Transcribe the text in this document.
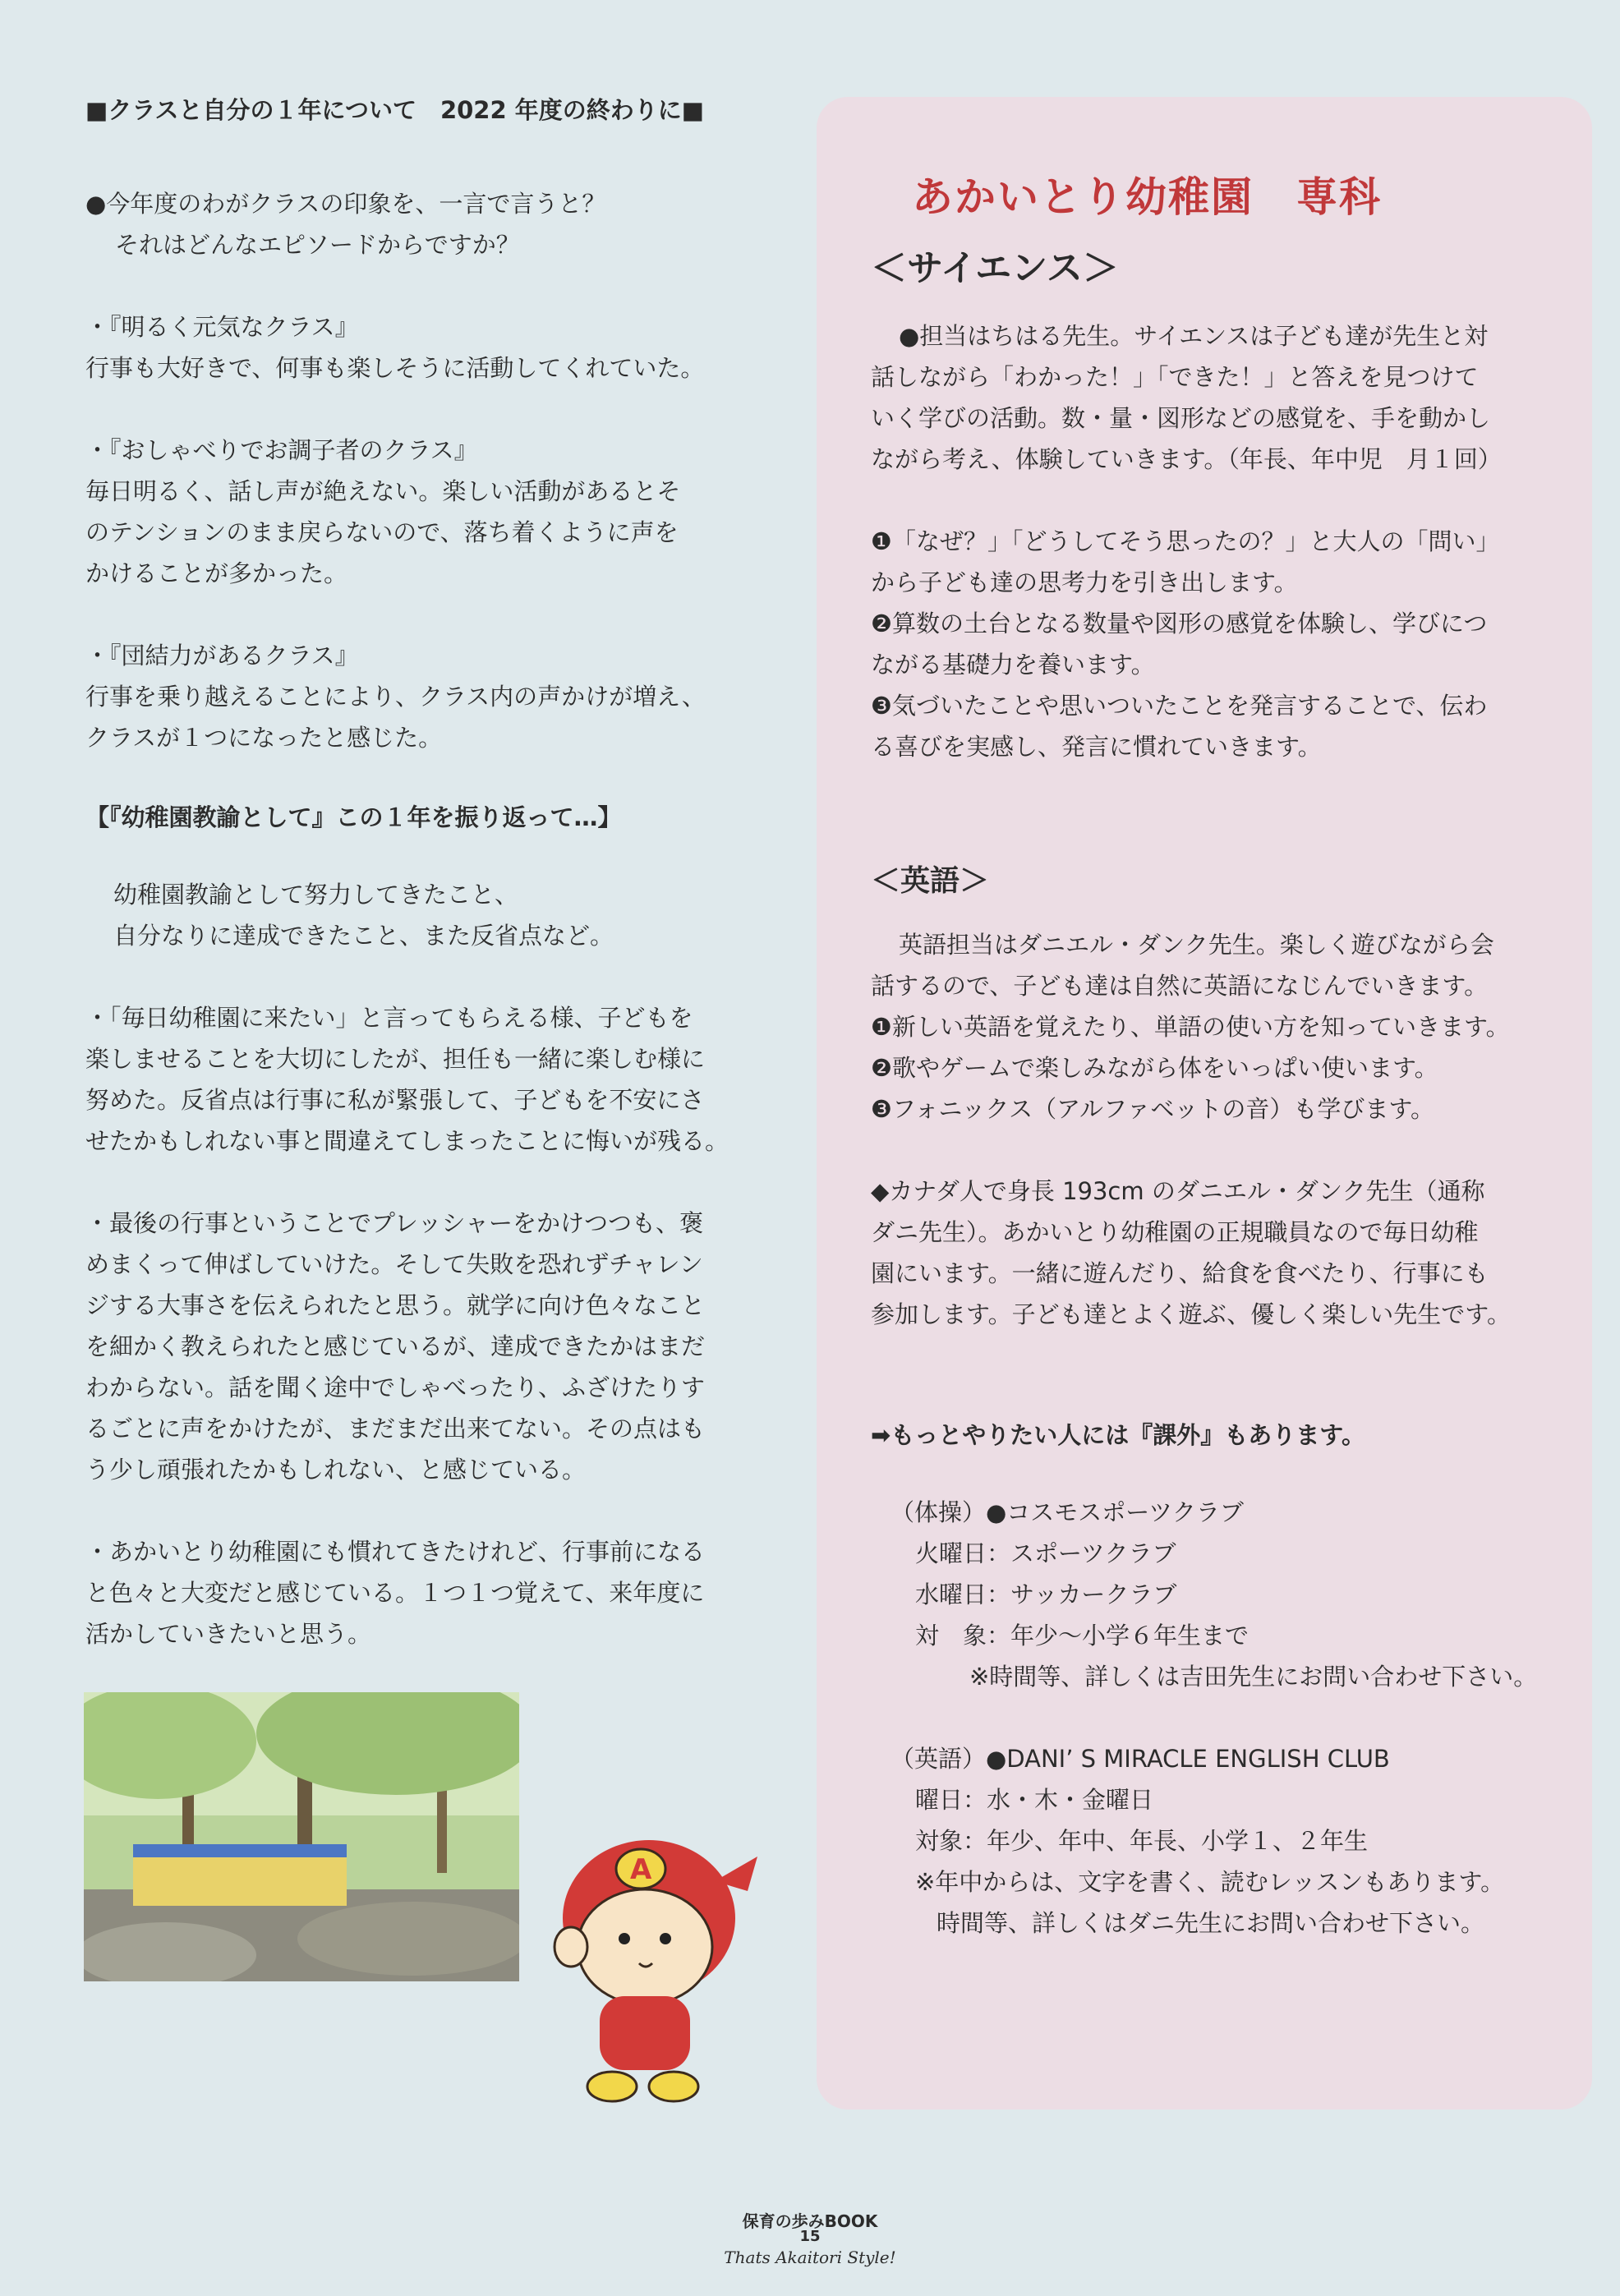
■クラスと自分の１年について　2022 年度の終わりに■
●今年度のわがクラスの印象を、一言で言うと？
それはどんなエピソードからですか？

・『明るく元気なクラス』

行事も大好きで、何事も楽しそうに活動してくれていた。

・『おしゃべりでお調子者のクラス』

毎日明るく、話し声が絶えない。楽しい活動があるとそ

のテンションのまま戻らないので、落ち着くように声を

かけることが多かった。

・『団結力があるクラス』

行事を乗り越えることにより、クラス内の声かけが増え、

クラスが１つになったと感じた。

【『幼稚園教諭として』この１年を振り返って…】

幼稚園教諭として努力してきたこと、

自分なりに達成できたこと、また反省点など。

・「毎日幼稚園に来たい」と言ってもらえる様、子どもを

楽しませることを大切にしたが、担任も一緒に楽しむ様に

努めた。反省点は行事に私が緊張して、子どもを不安にさ

せたかもしれない事と間違えてしまったことに悔いが残る。

・最後の行事ということでプレッシャーをかけつつも、褒

めまくって伸ばしていけた。そして失敗を恐れずチャレン

ジする大事さを伝えられたと思う。就学に向け色々なこと

を細かく教えられたと感じているが、達成できたかはまだ

わからない。話を聞く途中でしゃべったり、ふざけたりす

るごとに声をかけたが、まだまだ出来てない。その点はも

う少し頑張れたかもしれない、と感じている。

・あかいとり幼稚園にも慣れてきたけれど、行事前になる

と色々と大変だと感じている。１つ１つ覚えて、来年度に

活かしていきたいと思う。

A
あかいとり幼稚園　専科
＜サイエンス＞

●担当はちはる先生。サイエンスは子ども達が先生と対

話しながら「わかった！」「できた！」と答えを見つけて

いく学びの活動。数・量・図形などの感覚を、手を動かし

ながら考え、体験していきます。（年長、年中児　月１回）

❶「なぜ？」「どうしてそう思ったの？」と大人の「問い」

から子ども達の思考力を引き出します。

❷算数の土台となる数量や図形の感覚を体験し、学びにつ

ながる基礎力を養います。

❸気づいたことや思いついたことを発言することで、伝わ

る喜びを実感し、発言に慣れていきます。

＜英語＞

英語担当はダニエル・ダンク先生。楽しく遊びながら会

話するので、子ども達は自然に英語になじんでいきます。

❶新しい英語を覚えたり、単語の使い方を知っていきます。

❷歌やゲームで楽しみながら体をいっぱい使います。

❸フォニックス（アルファベットの音）も学びます。

◆カナダ人で身長 193cm のダニエル・ダンク先生（通称

ダニ先生）。あかいとり幼稚園の正規職員なので毎日幼稚

園にいます。一緒に遊んだり、給食を食べたり、行事にも

参加します。子ども達とよく遊ぶ、優しく楽しい先生です。

➡もっとやりたい人には『課外』もあります。

（体操）●コスモスポーツクラブ

火曜日：スポーツクラブ

水曜日：サッカークラブ

対　象：年少〜小学６年生まで

※時間等、詳しくは吉田先生にお問い合わせ下さい。

（英語）●DANI’ S MIRACLE ENGLISH CLUB

曜日：水・木・金曜日

対象：年少、年中、年長、小学１、２年生

※年中からは、文字を書く、読むレッスンもあります。

時間等、詳しくはダニ先生にお問い合わせ下さい。

保育の歩みBOOK
15
Thats Akaitori Style!
